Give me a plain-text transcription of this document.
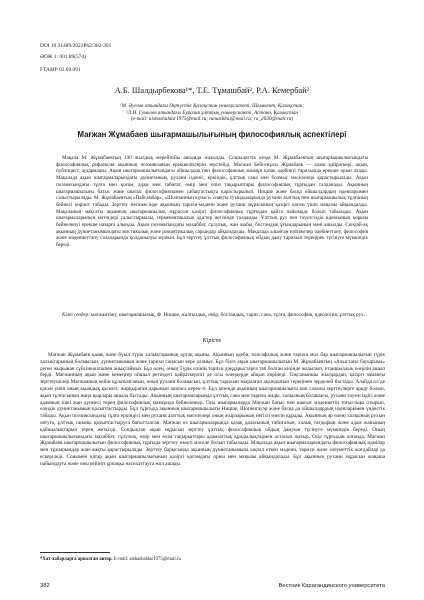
DOI 10.31489/2023Ph2/382-391
ӘОЖ 1: 001.89(574)
FТАМР 02.09.091
А.Б. Шалдырбекова¹*, Т.Е. Тұмашбай², Р.А. Кемербай²
¹М. Әуезов атындағы Оңтүстік Қазақстан университеті, Шымкент, Қазақстан;
²Л.Н. Гумилев атындағы Еуразия ұлттық университеті, Астана, Қазақстан
(e-mail: aishashaldar1975@mail.ru; tumashbai@mail.ru; ra_2030@mail.ru)
Мағжан Жұмабаев шығармашылығының философиялық аспектілері
Мақала М. Жұмабаевтың 130 жылдық мерейтойы аясында жазылды. Социалистік кезде М. Жұмабаевтың шығармашылығындағы философиялық рефлексия ақынның поэзиясының ерекшеліктерін зерттейді. Мағжан Бейсенұлы Жұмабаев — алаш қайраткері, ақын, публицист, аудармашы. Ақын шығармашылығындағы ойшылдық пен философиялық мазмұн қазақ әдебиеті тарихында ерекше орын алады. Мақалада ақын шығармаларындағы дүниетаным, рухани ізденіс, еркіндік, ұлттық сана мен болмыс мәселелері қарастырылады. Ақын поэзиясындағы тұлға мен қоғам, адам мен табиғат, өмір мен өлім тақырыптары философиялық тұрғыдан талданады. Ақынның шығармашылығы батыс және шығыс философиясымен сабақтастықта қарастырылып, Ницше және басқа ойшылдардың идеяларымен салыстырылады. М. Жұмабаевтың «Пайғамбар», «Шолпанның күнәсі» сияқты туындыларында рухани азаттық пен шығармашылық тұлғаның бейнесі көрініс табады. Зерттеу нәтижесінде ақынның тарихи-мәдени және рухани мұрасының қазіргі қоғам үшін маңызы айқындалды. Мақаланың мақсаты ақынның шығармашылық мұрасын қазіргі философиялық тұрғыдан қайта пайымдау болып табылады. Ақын шығармаларының мәтіндері салыстырмалы, герменевтикалық әдістер негізінде талданды. Ұлттық рух пен тәуелсіздік идеясының көркем бейнеленуі ерекше назарға алынды. Ақын поэзиясындағы махаббат, сұлулық, жан азабы, бостандық ұғымдарының мәні ашылды. Сондай-ақ ақынның дүниетанымындағы мистикалық және романтикалық сарындар айқындалды. Мақалада алынған нәтижелер әдебиеттану, философия және мәдениеттану салаларында қолданылуы мүмкін. Бұл зерттеу ұлттық философиялық ойдың даму тарихын тереңірек түсінуге мүмкіндік береді.
Кілт сөздер: мағжантану, шығармашылық, Ф. Ницше, жалғыздық, өмір, бостандық, тарих, сана, тұлға, философия, идеология, ұлттық рух.
Кіріспе
Мағжан Жұмабаев қазақ және бүкіл түрік халықтарының ортақ ақыны. Ақынның әдеби, пәлсафалық және тарихи мол бар шығармашылығын түрік халықтарының болмысын, дүниетанымын және тарихи санасын кере аламыз. Бұл бізге ақын шығармашылығын М. Жұмабаевтың «Алыстағы бауырыма» деген жырынан сүйсінешілікпен анықтаймыз. Бұл өлең, оның Түрік елінің тарихи дәңдарыстарға тап болған кезінде жазылып, отаншылдық көңілін ашып берді. Мағжанның ақын және кемеңгер ойшыл ретіндегі қайраткерлігі де осы өлеңдерде айқын көрінеді. Тоқсаныншы жылдардан, қазіргі заманғы зерттеушілер Мағжанның кейін құлатылғанын, оның рухани болмысын, ұлттық тарихын жырлаған ақындығын тереңінен зерделей бастады. Алайда ол де қоғам үшін оның ақындық қасиеті, жарқыраған дарынын ашпаса керек-ті. Бұл кезеңде ақынның шығармашылығы көп салалы зерттеулерге арқау болып, ақын тұлғасының жаңа қырлары ашыла бастады. Ақынның шығармаларында ұлттық сана мен тарихи жады, халқының болашағы, рухани тәуелсіздігі және адамның ішкі жан дүниесі терең философиялық мазмұнда бейнеленеді. Осы шығармаларда Мағжан батыс пен шығыс мәдениетін тоғыстыра отырып, өзіндік дүниетанымын қалыптастырды. Бұл тұрғыда ақынның шығармашылығы Ницше, Шопенгауэр және басқа да ойшылдардың идеяларымен үндестік табады. Ақын поэзиясындағы тұлға еркіндігі мен рухани азаттық мәселелері оның жырларының негізгі өзегін құрады. Ақынның әр өлеңі халқының рухын оятуға, ұлттық сананы қалыптастыруға бағытталған. Мағжан өз шығармаларында қазақ даласының табиғатын, халық тағдырын және адам жанының қайшылықтарын терең жеткізді. Сондықтан ақын мұрасын зерттеу ұлттық философиялық ойдың дамуын түсінуге мүмкіндік береді. Оның шығармашылығындағы махаббат, сұлулық, өмір мен өлім тақырыптары адамзаттық құндылықтармен астасып жатыр. Осы тұрғыдан алғанда, Мағжан Жұмабаев шығармашылығын философиялық тұрғыда зерттеу өзекті мәселе болып табылады. Мақалада ақын шығармаларындағы философиялық идеялар мен тұжырымдар жан-жақты қарастырылады. Зерттеу барысында ақынның дүниетанымына ықпал еткен мәдени, тарихи және әлеуметтік жағдайлар да ескеріледі. Сонымен қатар ақын шығармашылығының қазіргі қоғамдағы орны мен маңызы айқындалады. Бұл ақынның рухани мұрасын жаңаша пайымдауға және оны кейінгі ұрпаққа насихаттауға жол ашады.
*Хат-хабарларға арналған автор. E-mail: aishashaldar1975@mail.ru
382	Вестник Карагандинского университета
